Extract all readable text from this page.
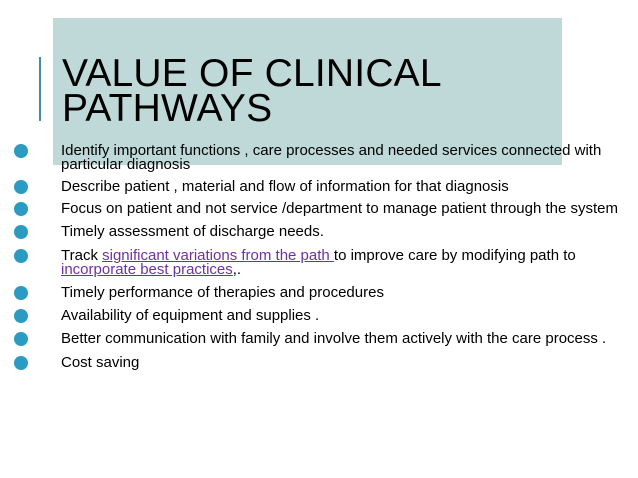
VALUE OF CLINICAL
PATHWAYS
Identify important functions , care processes and needed services connected with particular diagnosis
Describe patient , material and flow of information for that diagnosis
Focus on patient and not service /department to manage patient through the system
Timely assessment of discharge needs.
Track significant variations from the path to improve care by modifying path to incorporate best practices,.
Timely performance of therapies and procedures
Availability of equipment and supplies .
Better communication with family and involve them actively with the care process .
Cost saving
